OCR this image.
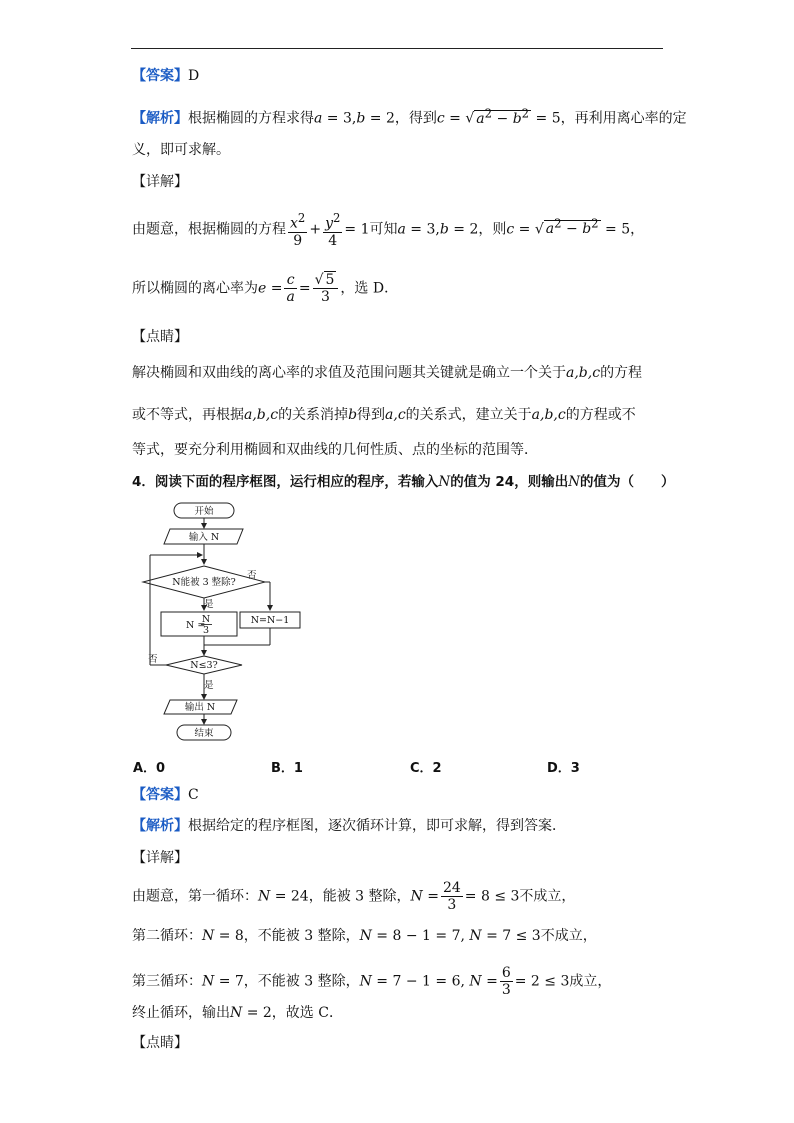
【答案】D
【解析】根据椭圆的方程求得a = 3,b = 2，得到c = √ $a^2 - b^2 = 5$，再利用离心率的定
义，即可求解。
【详解】
由题意，根据椭圆的方程 $\frac{x^2}{9} + \frac{y^2}{4} = 1$可知a = 3,b = 2，则c = √ $a^2 - b^2 = 5$，
所以椭圆的离心率为$e = \frac{c}{a} = \frac{√ 5}{3}$ ，选 D．
【点睛】
解决椭圆和双曲线的离心率的求值及范围问题其关键就是确立一个关于a,b,c的方程
或不等式，再根据a,b,c的关系消掉b得到a,c的关系式，建立关于a,b,c的方程或不
等式，要充分利用椭圆和双曲线的几何性质、点的坐标的范围等．
4．阅读下面的程序框图，运行相应的程序，若输入N的值为 24，则输出N的值为（　　）
开始
输入 N
N能被 3 整除?
否
是
N =
N
3
N=N−1
N≤3?
否
是
输出 N
结束
A．0	B．1	C．2	D．3
【答案】C
【解析】根据给定的程序框图，逐次循环计算，即可求解，得到答案．
【详解】
由题意，第一循环：N = 24，能被 3 整除，$N = \frac{24}{3} = 8 \le 3$不成立，
第二循环：N = 8，不能被 3 整除，N = 8 − 1 = 7, N = 7 ≤ 3不成立，
第三循环：N = 7，不能被 3 整除，N = 7 − 1 = 6, $N = \frac{6}{3} = 2 \le 3$成立，
终止循环，输出N = 2，故选 C．
【点睛】
